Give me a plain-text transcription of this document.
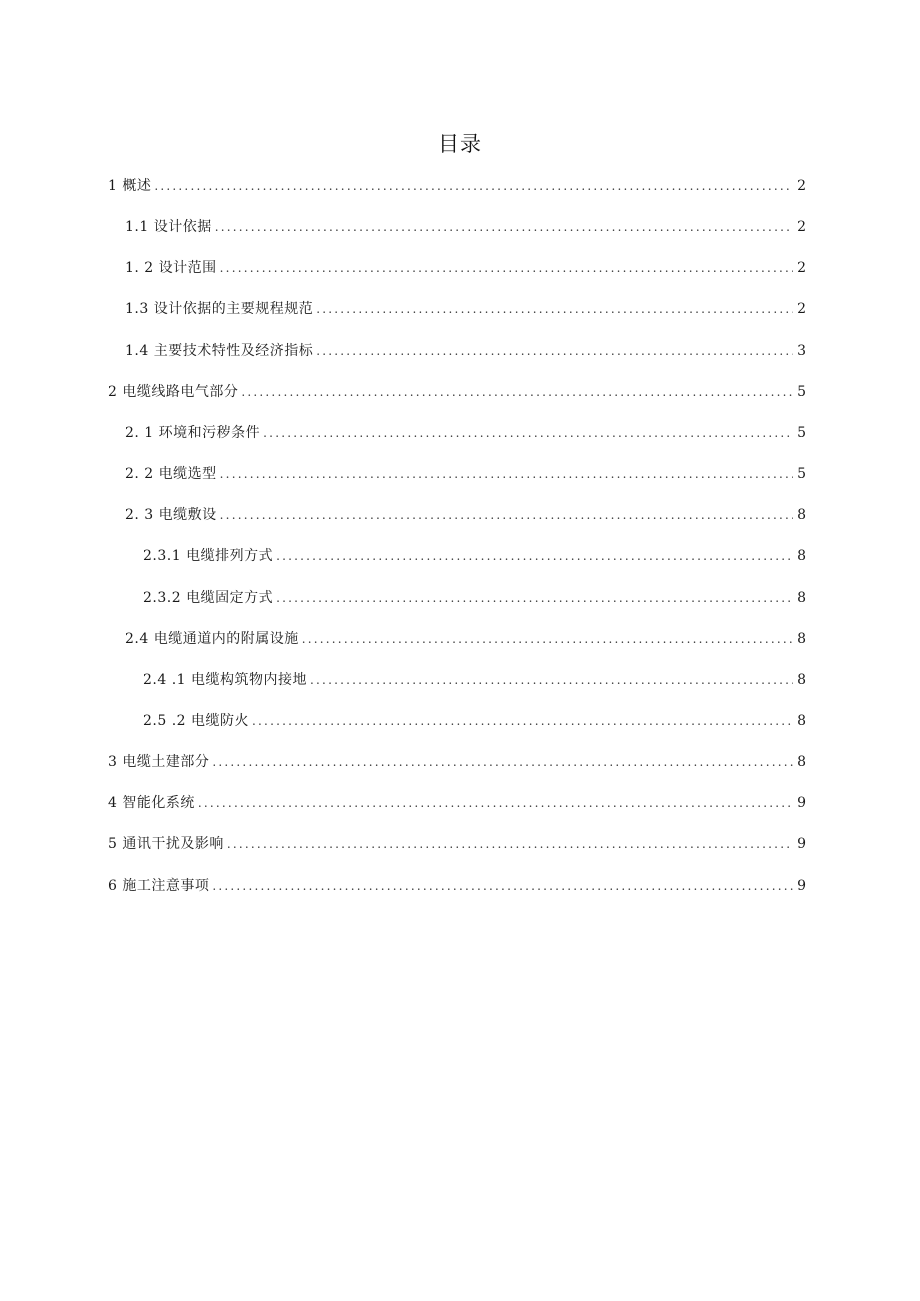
目录
1 概述 .....	2
1.1 设计依据 .....	2
1. 2 设计范围 .....	2
1.3 设计依据的主要规程规范 .....	2
1.4 主要技术特性及经济指标 .....	3
2 电缆线路电气部分 .....	5
2. 1 环境和污秽条件 .....	5
2. 2 电缆选型 .....	5
2. 3 电缆敷设 .....	8
2.3.1 电缆排列方式 .....	8
2.3.2 电缆固定方式 .....	8
2.4 电缆通道内的附属设施 .....	8
2.4 .1 电缆构筑物内接地 .....	8
2.5 .2 电缆防火 .....	8
3 电缆土建部分 .....	8
4 智能化系统 .....	9
5 通讯干扰及影响 .....	9
6 施工注意事项 .....	9
